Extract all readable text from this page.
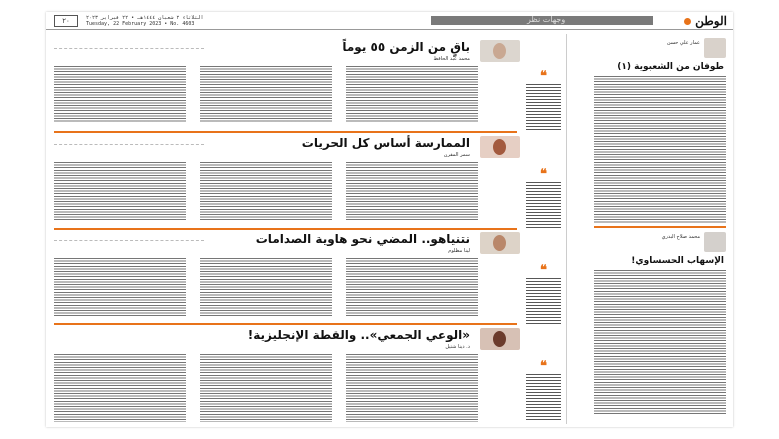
٢٠	الثلاثاء ٢ شعبان ١٤٤٤هـ • ٢٢ فبراير ٢٠٢٣
Tuesday, 22 February 2023 • No. 4603	وجهات نظر	الوطن
باقٍ من الزمن ٥٥ يوماً
محمد عبد الحافظ
❝
الممارسة أساس كل الحريات
سمر المقرن
❝
نتنياهو.. المضي نحو هاوية الصدامات
لينا مظلوم
❝
«الوعي الجمعي».. والقطة الإنجليزية!
د. دينا شتيل
❝
عمار علي حسن
طوفان من الشعبوية (١)
محمد صلاح البدري
الإسهاب الحسساوي!
